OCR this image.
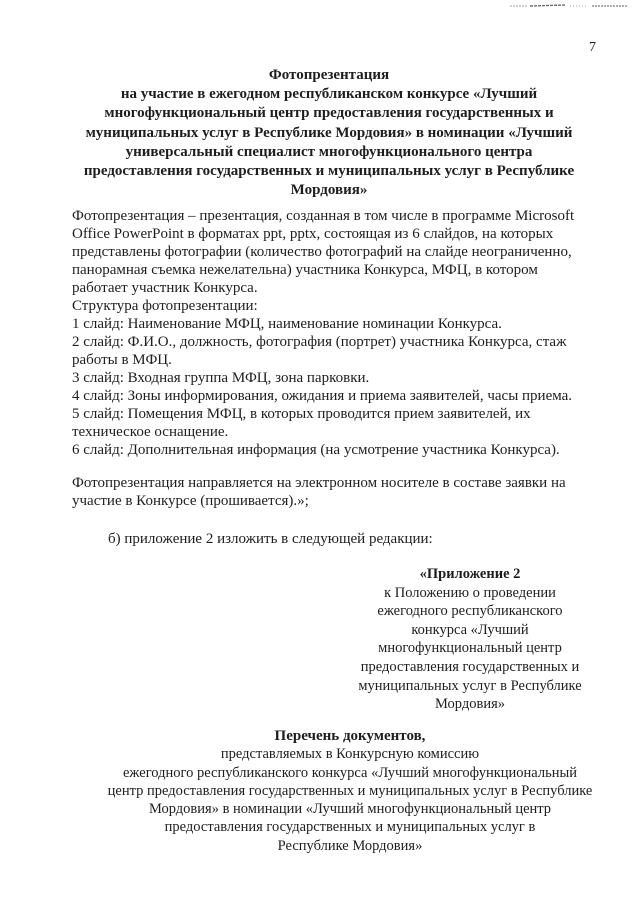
7
Фотопрезентация
на участие в ежегодном республиканском конкурсе «Лучший
многофункциональный центр предоставления государственных и
муниципальных услуг в Республике Мордовия» в номинации «Лучший
универсальный специалист многофункционального центра
предоставления государственных и муниципальных услуг в Республике
Мордовия»
Фотопрезентация – презентация, созданная в том числе в программе Microsoft
Office PowerPoint в форматах ppt, pptx, состоящая из 6 слайдов, на которых
представлены фотографии (количество фотографий на слайде неограниченно,
панорамная съемка нежелательна) участника Конкурса, МФЦ, в котором
работает участник Конкурса.
Структура фотопрезентации:
1 слайд: Наименование МФЦ, наименование номинации Конкурса.
2 слайд: Ф.И.О., должность, фотография (портрет) участника Конкурса, стаж
работы в МФЦ.
3 слайд: Входная группа МФЦ, зона парковки.
4 слайд: Зоны информирования, ожидания и приема заявителей, часы приема.
5 слайд: Помещения МФЦ, в которых проводится прием заявителей, их
техническое оснащение.
6 слайд: Дополнительная информация (на усмотрение участника Конкурса).
Фотопрезентация направляется на электронном носителе в составе заявки на
участие в Конкурсе (прошивается).»;
б) приложение 2 изложить в следующей редакции:
«Приложение 2
к Положению о проведении
ежегодного республиканского
конкурса «Лучший
многофункциональный центр
предоставления государственных и
муниципальных услуг в Республике
Мордовия»
Перечень документов,
представляемых в Конкурсную комиссию
ежегодного республиканского конкурса «Лучший многофункциональный
центр предоставления государственных и муниципальных услуг в Республике
Мордовия» в номинации «Лучший многофункциональный центр
предоставления государственных и муниципальных услуг в
Республике Мордовия»
